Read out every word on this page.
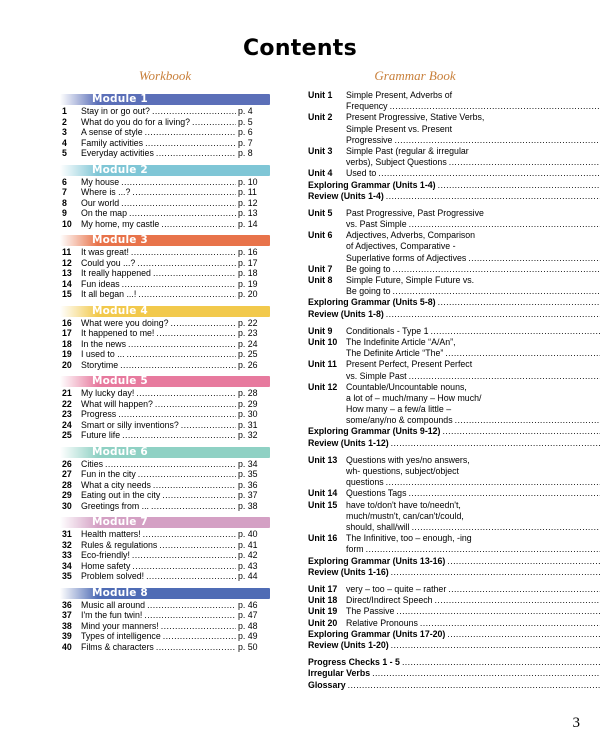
Contents
Workbook	Grammar Book
Module 1
1	Stay in or go out? .....	p. 4
2	What do you do for a living? .....	p. 5
3	A sense of style .....	p. 6
4	Family activities .....	p. 7
5	Everyday activities .....	p. 8
Module 2
6	My house .....	p. 10
7	Where is ...? .....	p. 11
8	Our world .....	p. 12
9	On the map .....	p. 13
10	My home, my castle .....	p. 14
Module 3
11	It was great! .....	p. 16
12	Could you ...? .....	p. 17
13	It really happened .....	p. 18
14	Fun ideas .....	p. 19
15	It all began ...! .....	p. 20
Module 4
16	What were you doing? .....	p. 22
17	It happened to me! .....	p. 23
18	In the news .....	p. 24
19	I used to ... .....	p. 25
20	Storytime .....	p. 26
Module 5
21	My lucky day! .....	p. 28
22	What will happen? .....	p. 29
23	Progress .....	p. 30
24	Smart or silly inventions? .....	p. 31
25	Future life .....	p. 32
Module 6
26	Cities .....	p. 34
27	Fun in the city .....	p. 35
28	What a city needs .....	p. 36
29	Eating out in the city .....	p. 37
30	Greetings from ... .....	p. 38
Module 7
31	Health matters! .....	p. 40
32	Rules & regulations .....	p. 41
33	Eco-friendly! .....	p. 42
34	Home safety .....	p. 43
35	Problem solved! .....	p. 44
Module 8
36	Music all around .....	p. 46
37	I'm the fun twin! .....	p. 47
38	Mind your manners! .....	p. 48
39	Types of intelligence .....	p. 49
40	Films & characters .....	p. 50
Unit 1	Simple Present, Adverbs of
Frequency
.....
Unit 2	Present Progressive, Stative Verbs,
Simple Present vs. Present
Progressive
.....
Unit 3	Simple Past (regular & irregular
verbs), Subject Questions
.....
Unit 4	Used to
.....
Exploring Grammar (Units 1-4)
.....
Review (Units 1-4)
.....
Unit 5	Past Progressive, Past Progressive
vs. Past Simple
.....
Unit 6	Adjectives, Adverbs, Comparison
of Adjectives, Comparative -
Superlative forms of Adjectives
.....
Unit 7	Be going to
.....
Unit 8	Simple Future, Simple Future vs.
Be going to
.....
Exploring Grammar (Units 5-8)
.....
Review (Units 1-8)
.....
Unit 9	Conditionals - Type 1
.....
Unit 10 The Indefinite Article “A/An”,
The Definite Article “The”
.....
Unit 11	Present Perfect, Present Perfect
vs. Simple Past
.....
Unit 12 Countable/Uncountable nouns,
a lot of – much/many – How much/
How many – a few/a little –
some/any/no & compounds
.....
Exploring Grammar (Units 9-12)
.....
Review (Units 1-12)
.....
Unit 13 Questions with yes/no answers,
wh- questions, subject/object
questions
.....
Unit 14 Questions Tags
.....
Unit 15 have to/don't have to/needn't,
much/mustn't, can/can't/could,
should, shall/will
.....
Unit 16 The Infinitive, too – enough, -ing
form
.....
Exploring Grammar (Units 13-16)
.....
Review (Units 1-16)
.....
Unit 17 very – too – quite – rather
.....
Unit 18 Direct/Indirect Speech
.....
Unit 19 The Passive
.....
Unit 20 Relative Pronouns
.....
Exploring Grammar (Units 17-20)
.....
Review (Units 1-20)
.....
Progress Checks 1 - 5
.....
Irregular Verbs
.....
Glossary
.....
3
